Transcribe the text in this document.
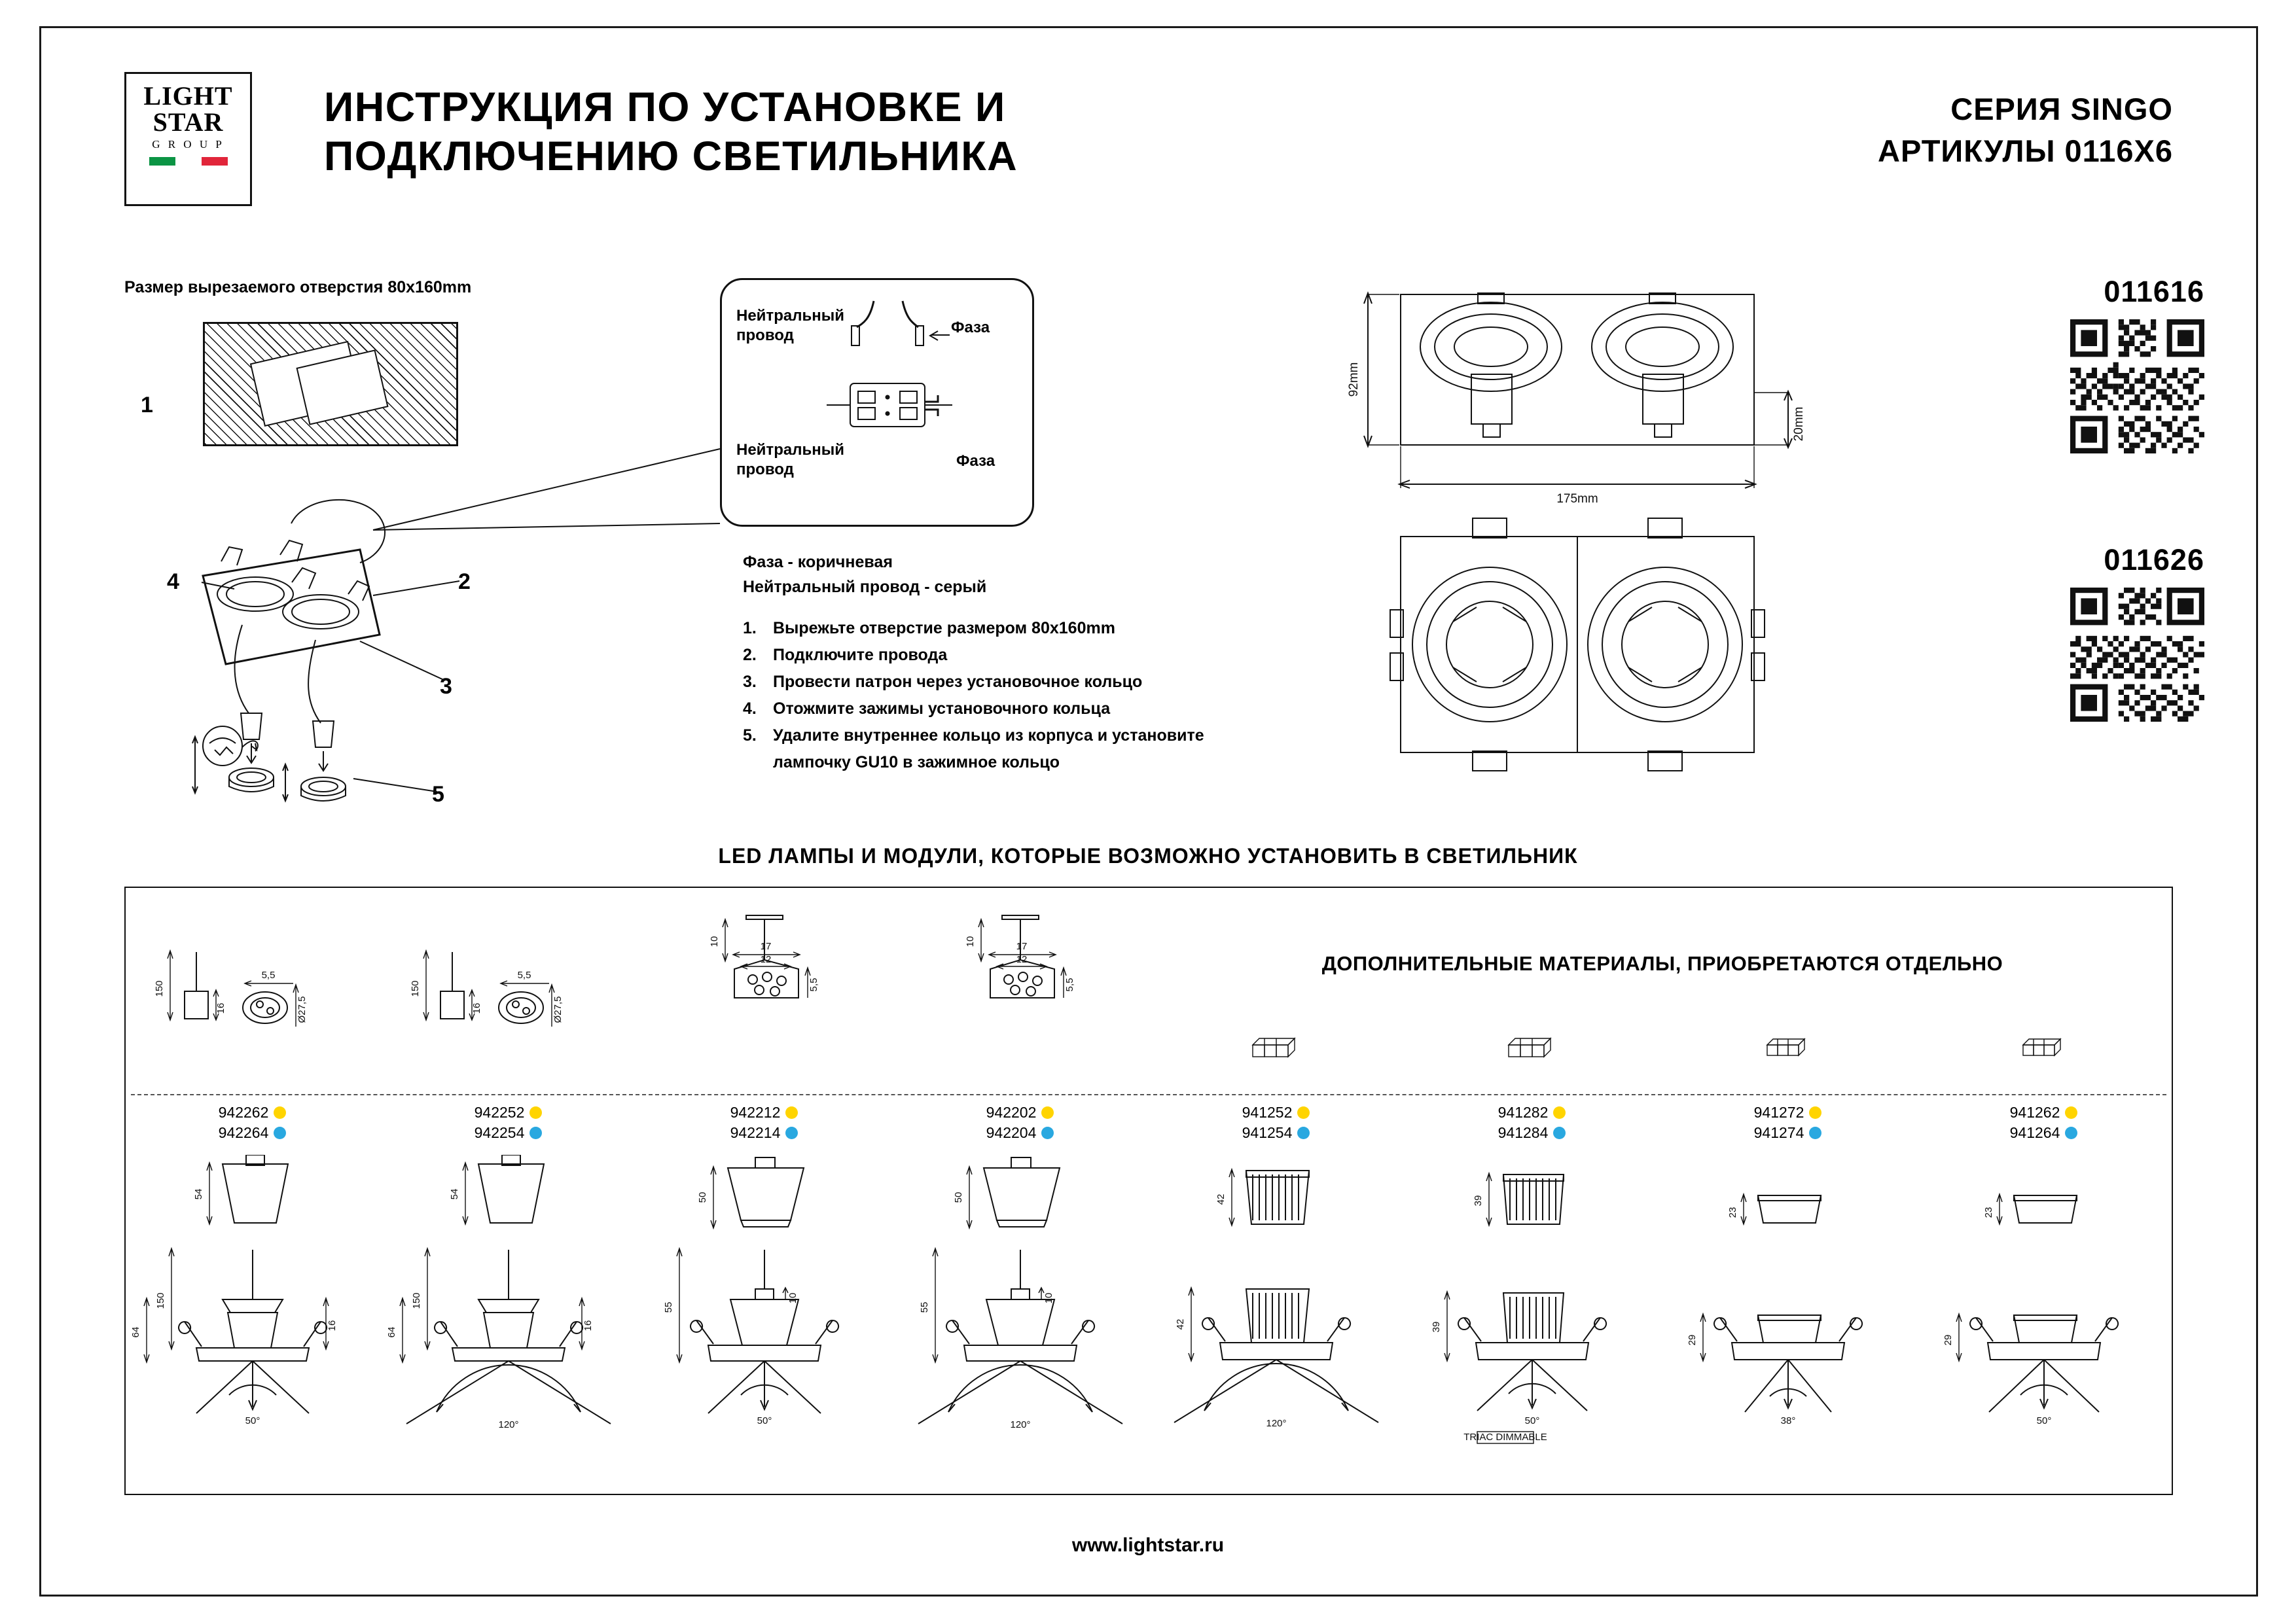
LIGHT
STAR
G R O U P
ИНСТРУКЦИЯ ПО УСТАНОВКЕ И
ПОДКЛЮЧЕНИЮ СВЕТИЛЬНИКА
СЕРИЯ SINGO
АРТИКУЛЫ 0116Х6
Размер вырезаемого отверстия 80х160mm
1
4	2
3
5
Нейтральный
провод	Фаза
Нейтральный
провод	Фаза
Фаза - коричневая
Нейтральный провод - серый
1.	Вырежьте отверстие размером 80х160mm
2.	Подключите провода
3.	Провести патрон через установочное кольцо
4.	Отожмите зажимы установочного кольца
5.	Удалите внутреннее кольцо из корпуса и установите
лампочку GU10 в зажимное кольцо
92mm
20mm
175mm
011616
011626
LED ЛАМПЫ И МОДУЛИ, КОТОРЫЕ ВОЗМОЖНО УСТАНОВИТЬ В СВЕТИЛЬНИК
ДОПОЛНИТЕЛЬНЫЕ МАТЕРИАЛЫ, ПРИОБРЕТАЮТСЯ ОТДЕЛЬНО
150
16
5,5
Ø27,5
942262
942264
54
50°
150
16
64
150
16
5,5
Ø27,5
942252
942254
54
120°
150
16
64
10	17
12
5,5
942212
942214
50
50°
10
55
10	17
12
5,5
942202
942204
50
120°
10
55
941252
941254
42
120°
42
941282
941284
39
50°
TRIAC DIMMABLE
39
941272
941274
23
38°
29
941262
941264
23
50°
29
www.lightstar.ru
